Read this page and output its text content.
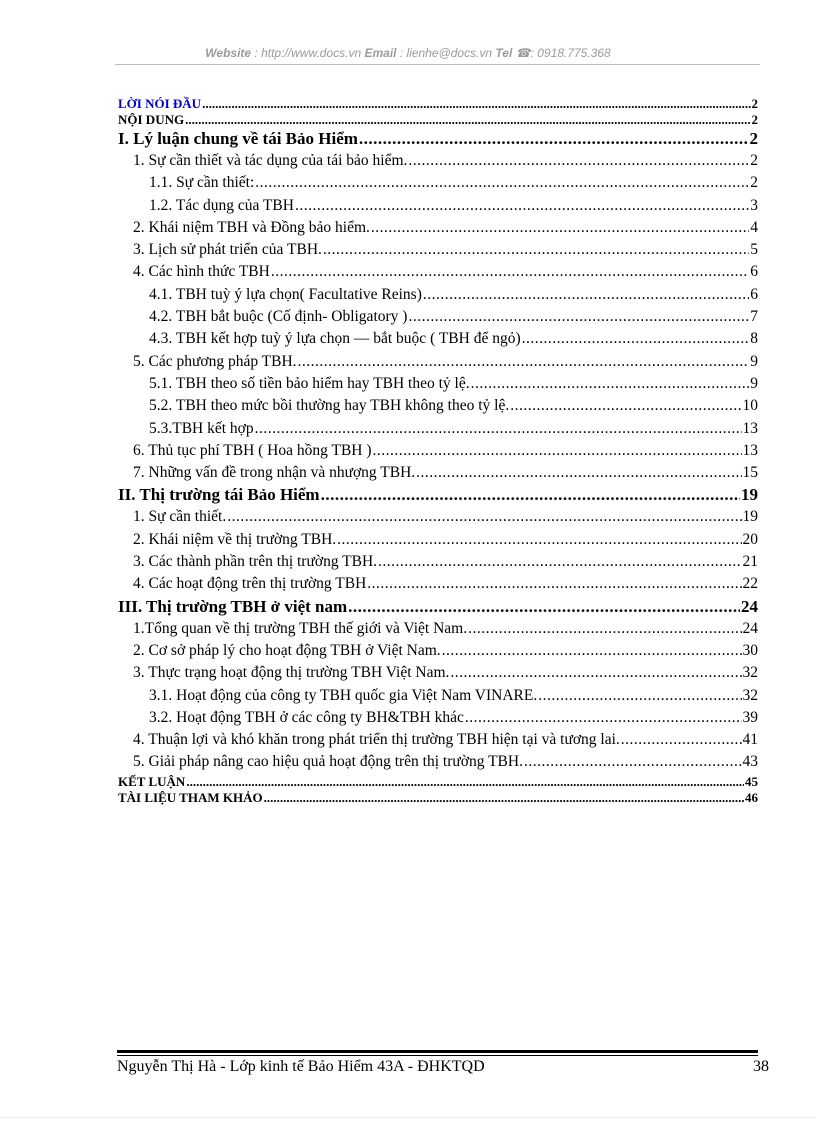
Website : http://www.docs.vn Email : lienhe@docs.vn Tel ☎: 0918.775.368
LỜI NÓI ĐẦU .....	2
NỘI DUNG .....	2
I. Lý luận chung về tái Bảo Hiểm .....	2
1. Sự cần thiết và tác dụng của tái bảo hiểm. .....	2
1.1. Sự cần thiết: .....	2
1.2. Tác dụng của TBH .....	3
2. Khái niệm TBH và Đồng bảo hiểm. .....	4
3. Lịch sử phát triển của TBH. .....	5
4. Các hình thức TBH .....	6
4.1. TBH tuỳ ý lựa chọn( Facultative Reins) .....	6
4.2. TBH bắt buộc (Cố định- Obligatory ) .....	7
4.3. TBH kết hợp tuỳ ý lựa chọn — bắt buộc ( TBH để ngỏ) .....	8
5. Các phương pháp TBH. .....	9
5.1. TBH theo số tiền bảo hiểm hay TBH theo tỷ lệ. .....	9
5.2. TBH theo mức bồi thường hay TBH không theo tỷ lệ. .....	10
5.3.TBH kết hợp .....	13
6. Thủ tục phí TBH ( Hoa hồng TBH ) .....	13
7. Những vấn đề trong nhận và nhượng TBH. .....	15
II. Thị trường tái Bảo Hiểm .....	19
1. Sự cần thiết. .....	19
2. Khái niệm về thị trường TBH. .....	20
3. Các thành phần trên thị trường TBH. .....	21
4. Các hoạt động trên thị trường TBH .....	22
III. Thị trường TBH ở việt nam .....	24
1.Tổng quan về thị trường TBH thế giới và Việt Nam. .....	24
2. Cơ sở pháp lý cho hoạt động TBH ở Việt Nam. .....	30
3. Thực trạng hoạt động thị trường TBH Việt Nam. .....	32
3.1. Hoạt động của công ty TBH quốc gia Việt Nam VINARE. .....	32
3.2. Hoạt động TBH ở các công ty BH&TBH khác .....	39
4. Thuận lợi và khó khăn trong phát triển thị trường TBH hiện tại và tương lai. .....	41
5. Giải pháp nâng cao hiệu quả hoạt động trên thị trường TBH. .....	43
KẾT LUẬN .....	45
TÀI LIỆU THAM KHẢO .....	46
Nguyễn Thị Hà - Lớp kinh tế Bảo Hiểm 43A - ĐHKTQD	38
